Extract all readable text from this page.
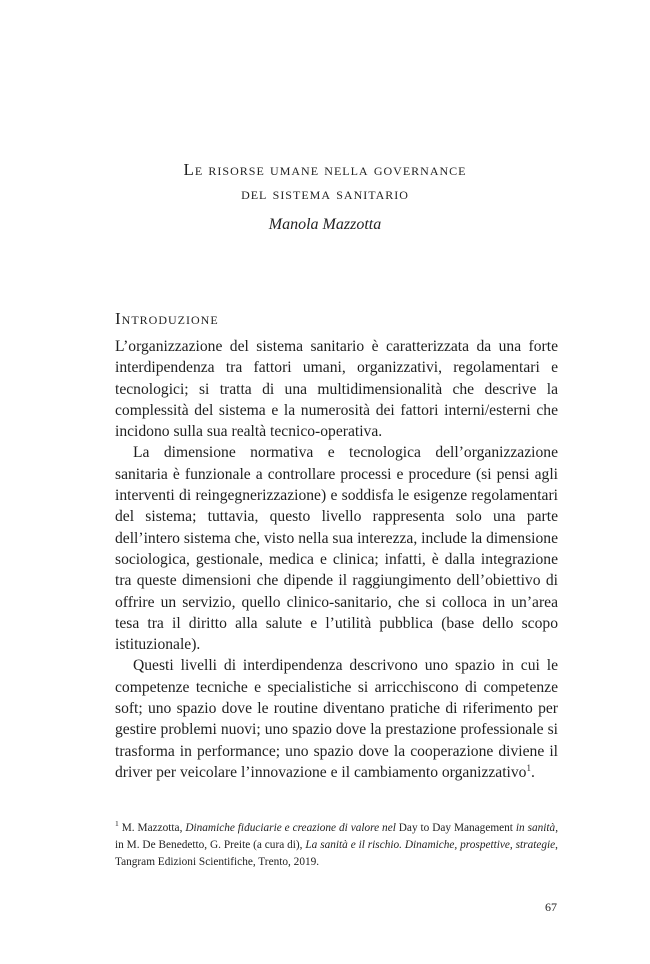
Le risorse umane nella governance
del sistema sanitario
Manola Mazzotta
Introduzione

L’organizzazione del sistema sanitario è caratterizzata da una forte interdipendenza tra fattori umani, organizzativi, regolamentari e tecnologici; si tratta di una multidimensionalità che descrive la complessità del sistema e la numerosità dei fattori interni/esterni che incidono sulla sua realtà tecnico-operativa.

La dimensione normativa e tecnologica dell’organizzazione sanitaria è funzionale a controllare processi e procedure (si pensi agli interventi di reingegnerizzazione) e soddisfa le esigenze regolamentari del sistema; tuttavia, questo livello rappresenta solo una parte dell’intero sistema che, visto nella sua interezza, include la dimensione sociologica, gestionale, medica e clinica; infatti, è dalla integrazione tra queste dimensioni che dipende il raggiungimento dell’obiettivo di offrire un servizio, quello clinico-sanitario, che si colloca in un’area tesa tra il diritto alla salute e l’utilità pubblica (base dello scopo istituzionale).

Questi livelli di interdipendenza descrivono uno spazio in cui le competenze tecniche e specialistiche si arricchiscono di competenze soft; uno spazio dove le routine diventano pratiche di riferimento per gestire problemi nuovi; uno spazio dove la prestazione professionale si trasforma in performance; uno spazio dove la cooperazione diviene il driver per veicolare l’innovazione e il cambiamento organizzativo$^1$.

$^1$ M. Mazzotta, Dinamiche fiduciarie e creazione di valore nel Day to Day Management in sanità, in M. De Benedetto, G. Preite (a cura di), La sanità e il rischio. Dinamiche, prospettive, strategie, Tangram Edizioni Scientifiche, Trento, 2019.
67
